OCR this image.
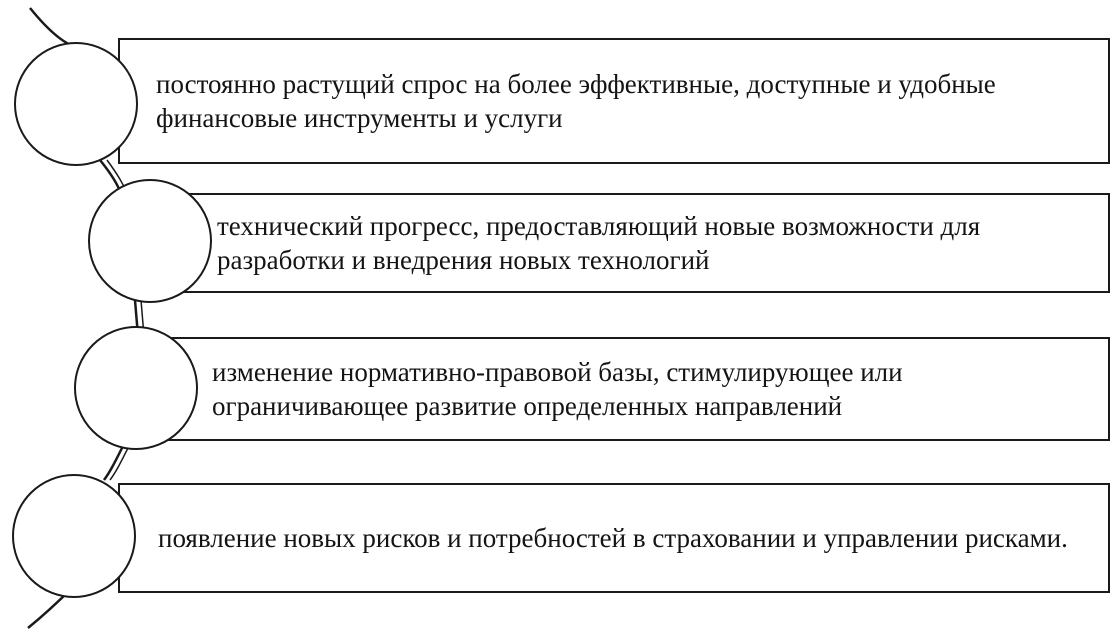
постоянно растущий спрос на более эффективные, доступные и удобные финансовые инструменты и услуги

технический прогресс, предоставляющий новые возможности для разработки и внедрения новых технологий

изменение нормативно-правовой базы, стимулирующее или ограничивающее развитие определенных направлений

появление новых рисков и потребностей в страховании и управлении рисками.
